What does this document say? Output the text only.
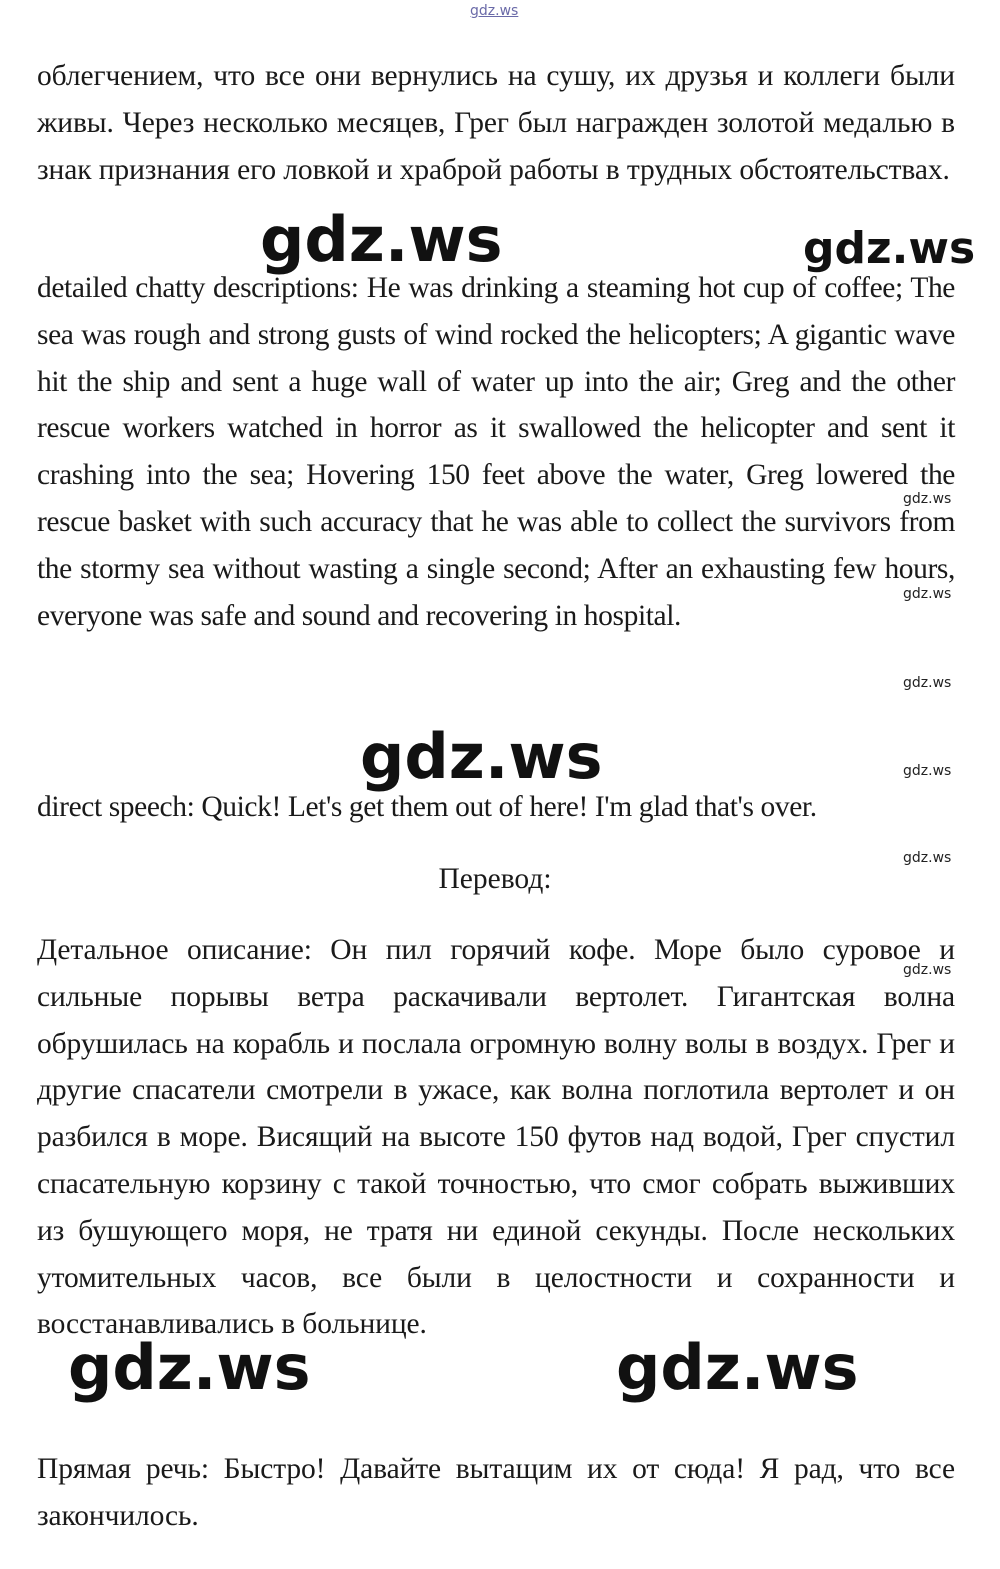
gdz.ws

облегчением, что все они вернулись на сушу, их друзья и коллеги были живы. Через несколько месяцев, Грег был награжден золотой медалью в знак признания его ловкой и храброй работы в трудных обстоятельствах.

detailed chatty descriptions: He was drinking a steaming hot cup of coffee; The sea was rough and strong gusts of wind rocked the helicopters; A gigantic wave hit the ship and sent a huge wall of water up into the air; Greg and the other rescue workers watched in horror as it swallowed the helicopter and sent it crashing into the sea; Hovering 150 feet above the water, Greg lowered the rescue basket with such accuracy that he was able to collect the survivors from the stormy sea without wasting a single second; After an exhausting few hours, everyone was safe and sound and recovering in hospital.

direct speech: Quick! Let's get them out of here! I'm glad that's over.

Перевод:

Детальное описание: Он пил горячий кофе. Море было суровое и сильные порывы ветра раскачивали вертолет. Гигантская волна обрушилась на корабль и послала огромную волну волы в воздух. Грег и другие спасатели смотрели в ужасе, как волна поглотила вертолет и он разбился в море. Висящий на высоте 150 футов над водой, Грег спустил спасательную корзину с такой точностью, что смог собрать выживших из бушующего моря, не тратя ни единой секунды. После нескольких утомительных часов, все были в целостности и сохранности и восстанавливались в больнице.

Прямая речь: Быстро! Давайте вытащим их от сюда! Я рад, что все закончилось.

gdz.ws	gdz.ws
gdz.ws
gdz.ws	gdz.ws
gdz.ws
gdz.ws
gdz.ws
gdz.ws
gdz.ws
gdz.ws
